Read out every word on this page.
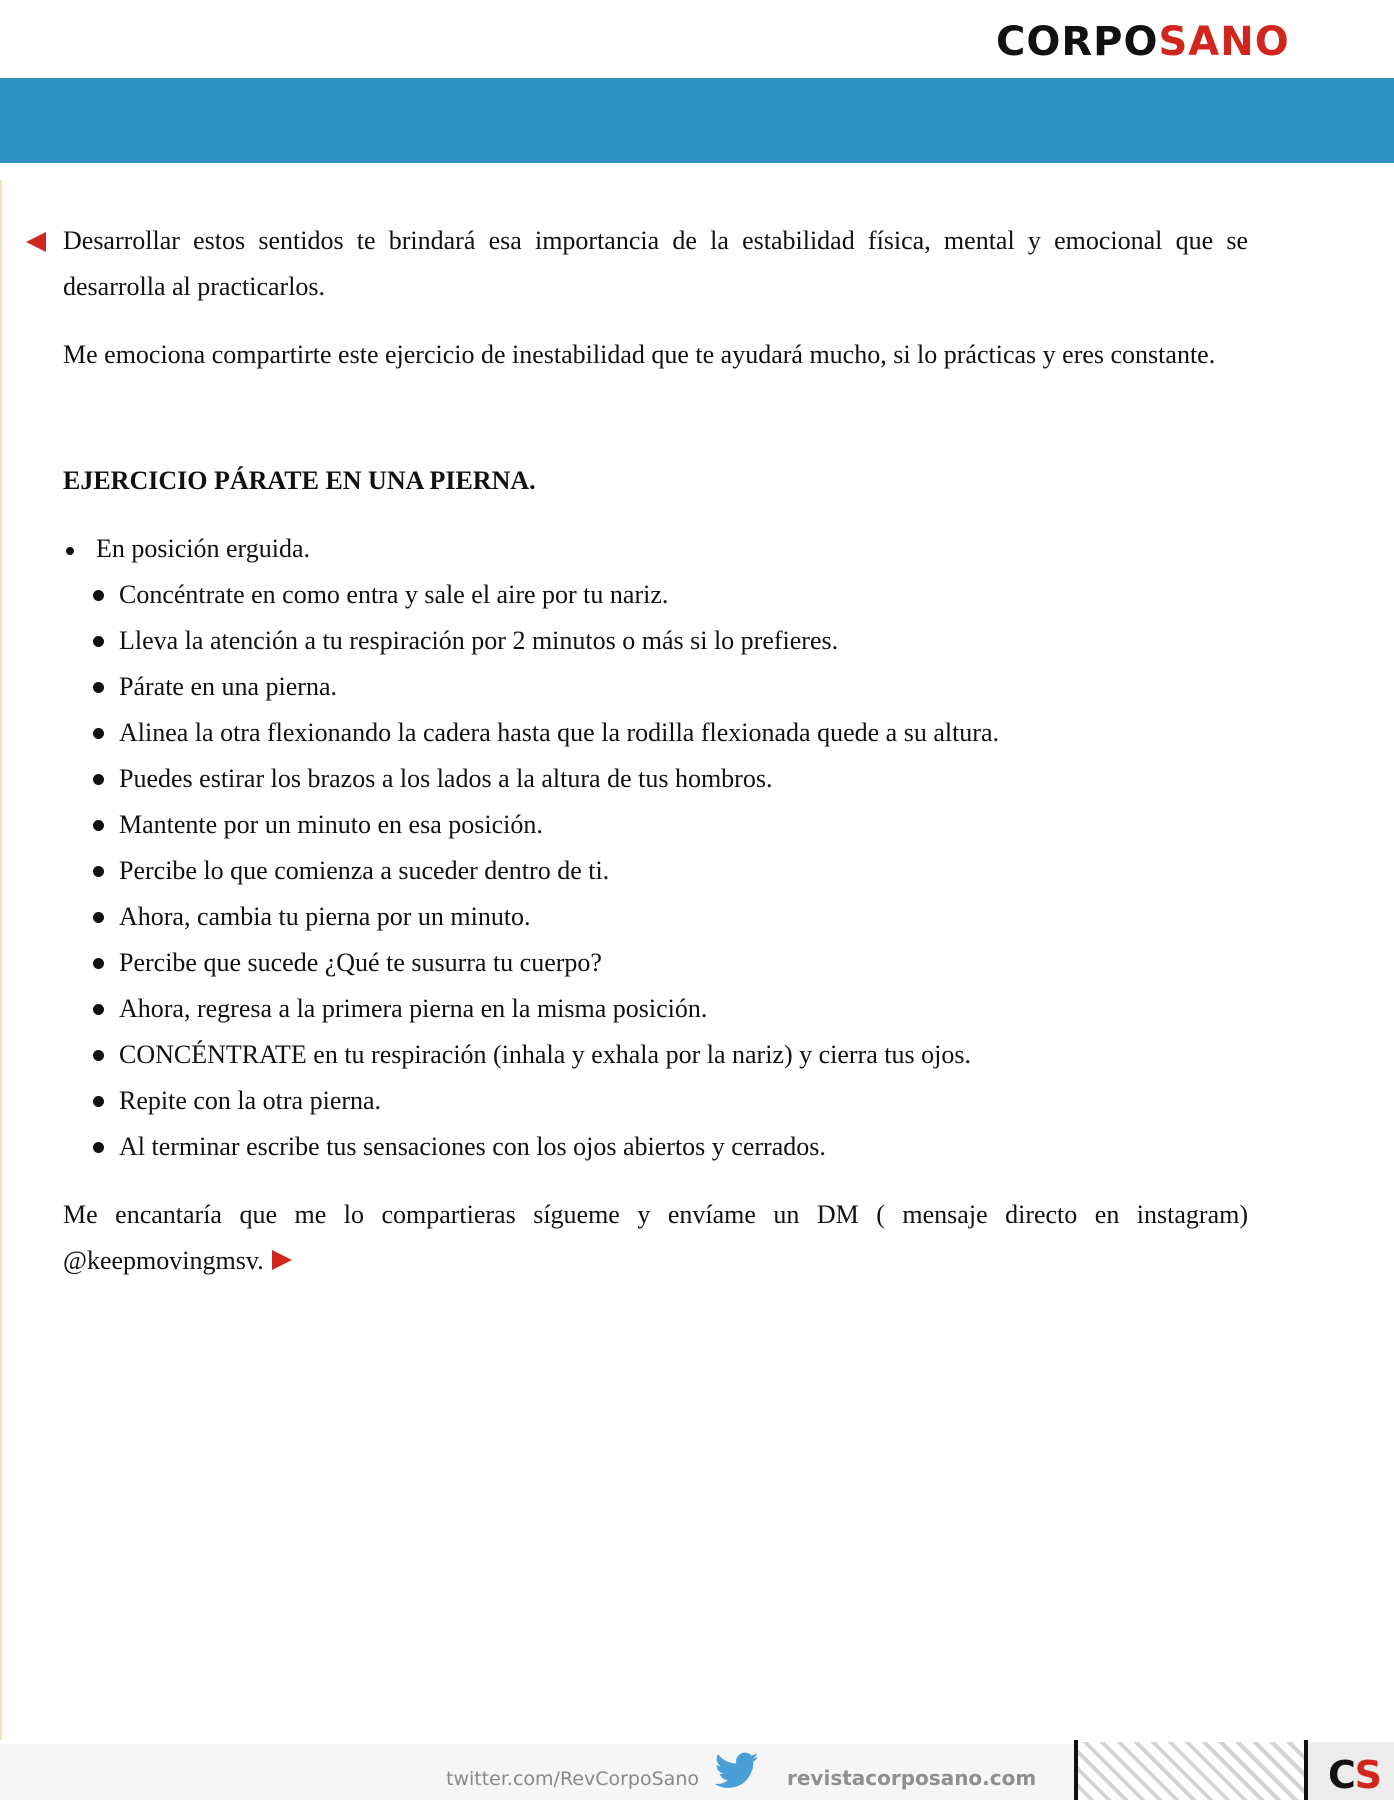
CORPOSANO

Desarrollar estos sentidos te brindará esa importancia de la estabilidad física, mental y emocional que se desarrolla al practicarlos.

Me emociona compartirte este ejercicio de inestabilidad que te ayudará mucho, si lo prácticas y eres constante.

EJERCICIO PÁRATE EN UNA PIERNA.
En posición erguida.
Concéntrate en como entra y sale el aire por tu nariz.
Lleva la atención a tu respiración por 2 minutos o más si lo prefieres.
Párate en una pierna.
Alinea la otra flexionando la cadera hasta que la rodilla flexionada quede a su altura.
Puedes estirar los brazos a los lados a la altura de tus hombros.
Mantente por un minuto en esa posición.
Percibe lo que comienza a suceder dentro de ti.
Ahora, cambia tu pierna por un minuto.
Percibe que sucede ¿Qué te susurra tu cuerpo?
Ahora, regresa a la primera pierna en la misma posición.
CONCÉNTRATE en tu respiración (inhala y exhala por la nariz) y cierra tus ojos.
Repite con la otra pierna.
Al terminar escribe tus sensaciones con los ojos abiertos y cerrados.

Me encantaría que me lo compartieras sígueme y envíame un DM ( mensaje directo en instagram) @keepmovingmsv.

twitter.com/RevCorpoSano	revistacorposano.com	CS
